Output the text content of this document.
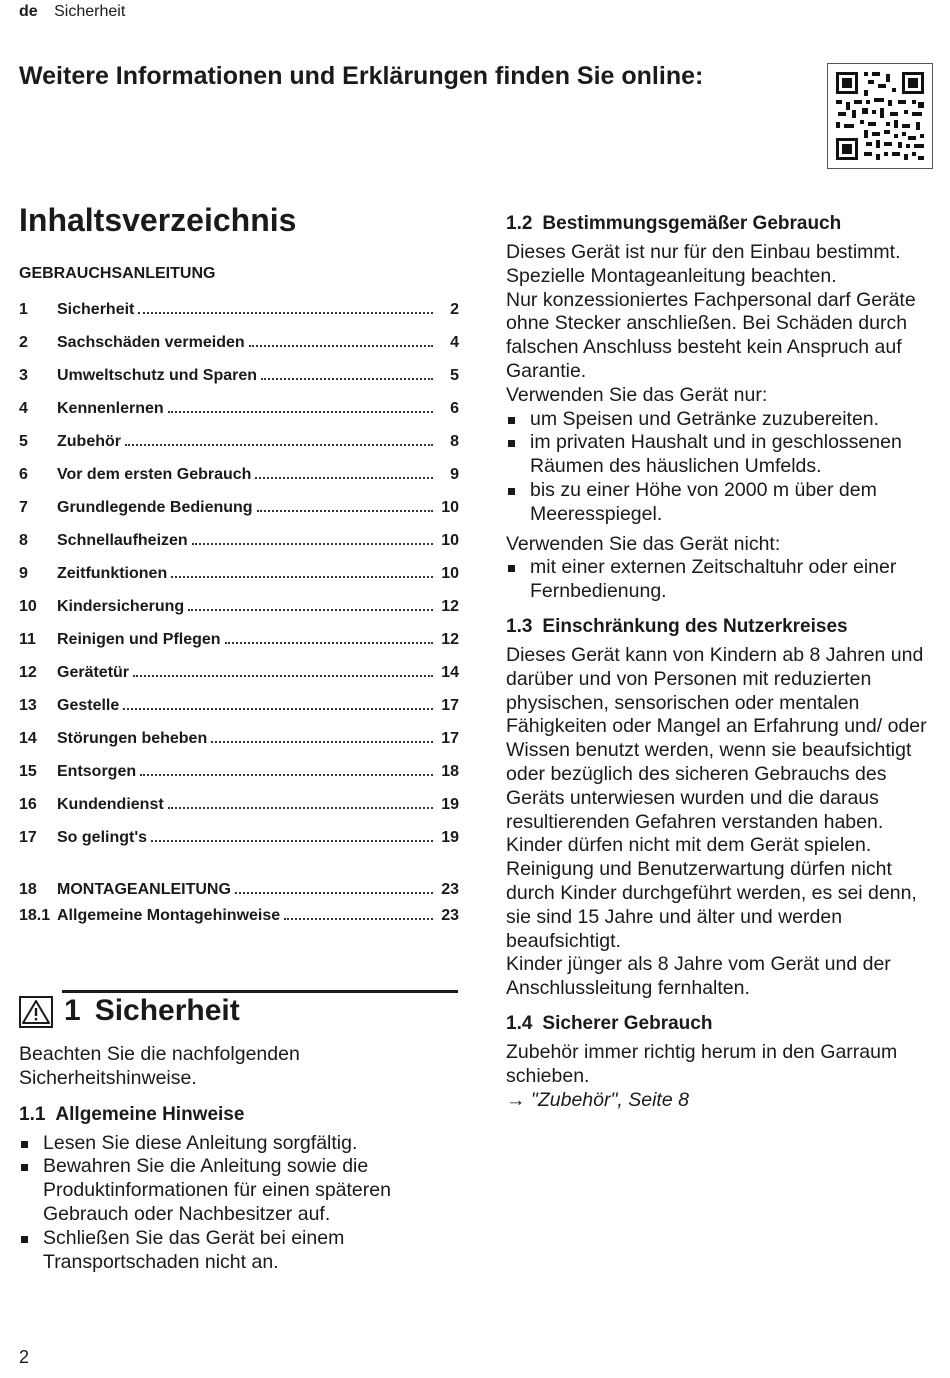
de Sicherheit
Weitere Informationen und Erklärungen finden Sie online:
Inhaltsverzeichnis
GEBRAUCHSANLEITUNG
1	Sicherheit	2
2	Sachschäden vermeiden	4
3	Umweltschutz und Sparen	5
4	Kennenlernen	6
5	Zubehör	8
6	Vor dem ersten Gebrauch	9
7	Grundlegende Bedienung	10
8	Schnellaufheizen	10
9	Zeitfunktionen	10
10	Kindersicherung	12
11	Reinigen und Pflegen	12
12	Gerätetür	14
13	Gestelle	17
14	Störungen beheben	17
15	Entsorgen	18
16	Kundendienst	19
17	So gelingt's	19
18	MONTAGEANLEITUNG	23
18.1 Allgemeine Montagehinweise	23
1 Sicherheit

Beachten Sie die nachfolgenden Sicherheitshinweise.

1.1 Allgemeine Hinweise
Lesen Sie diese Anleitung sorgfältig.
Bewahren Sie die Anleitung sowie die Produktinformationen für einen späteren Gebrauch oder Nachbesitzer auf.
Schließen Sie das Gerät bei einem Transportschaden nicht an.
1.2 Bestimmungsgemäßer Gebrauch

Dieses Gerät ist nur für den Einbau bestimmt. Spezielle Montageanleitung beachten.

Nur konzessioniertes Fachpersonal darf Geräte ohne Stecker anschließen. Bei Schäden durch falschen Anschluss besteht kein Anspruch auf Garantie.

Verwenden Sie das Gerät nur:

um Speisen und Getränke zuzubereiten.
im privaten Haushalt und in geschlossenen Räumen des häuslichen Umfelds.
bis zu einer Höhe von 2000 m über dem Meeresspiegel.

Verwenden Sie das Gerät nicht:

mit einer externen Zeitschaltuhr oder einer Fernbedienung.
1.3 Einschränkung des Nutzerkreises

Dieses Gerät kann von Kindern ab 8 Jahren und darüber und von Personen mit reduzierten physischen, sensorischen oder mentalen Fähigkeiten oder Mangel an Erfahrung und/ oder Wissen benutzt werden, wenn sie beaufsichtigt oder bezüglich des sicheren Gebrauchs des Geräts unterwiesen wurden und die daraus resultierenden Gefahren verstanden haben.

Kinder dürfen nicht mit dem Gerät spielen.

Reinigung und Benutzerwartung dürfen nicht durch Kinder durchgeführt werden, es sei denn, sie sind 15 Jahre und älter und werden beaufsichtigt.

Kinder jünger als 8 Jahre vom Gerät und der Anschlussleitung fernhalten.

1.4 Sicherer Gebrauch

Zubehör immer richtig herum in den Garraum schieben.

→ "Zubehör", Seite 8
2
